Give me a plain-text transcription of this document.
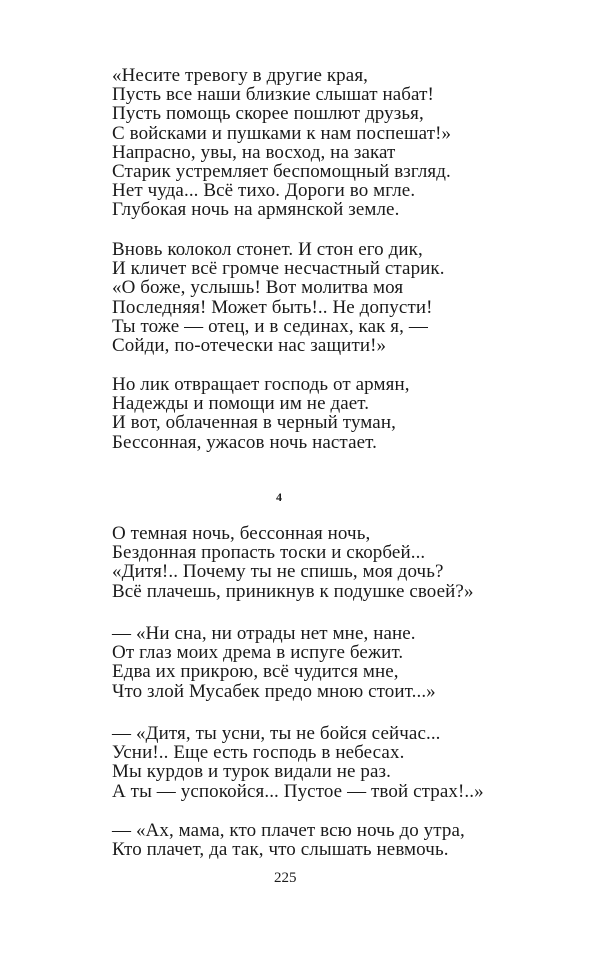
«Несите тревогу в другие края,
Пусть все наши близкие слышат набат!
Пусть помощь скорее пошлют друзья,
С войсками и пушками к нам поспешат!»
Напрасно, увы, на восход, на закат
Старик устремляет беспомощный взгляд.
Нет чуда... Всё тихо. Дороги во мгле.
Глубокая ночь на армянской земле.
Вновь колокол стонет. И стон его дик,
И кличет всё громче несчастный старик.
«О боже, услышь! Вот молитва моя
Последняя! Может быть!.. Не допусти!
Ты тоже — отец, и в сединах, как я, —
Сойди, по-отечески нас защити!»
Но лик отвращает господь от армян,
Надежды и помощи им не дает.
И вот, облаченная в черный туман,
Бессонная, ужасов ночь настает.
4
О темная ночь, бессонная ночь,
Бездонная пропасть тоски и скорбей...
«Дитя!.. Почему ты не спишь, моя дочь?
Всё плачешь, приникнув к подушке своей?»
— «Ни сна, ни отрады нет мне, нане.
От глаз моих дрема в испуге бежит.
Едва их прикрою, всё чудится мне,
Что злой Мусабек предо мною стоит...»
— «Дитя, ты усни, ты не бойся сейчас...
Усни!.. Еще есть господь в небесах.
Мы курдов и турок видали не раз.
А ты — успокойся... Пустое — твой страх!..»
— «Ах, мама, кто плачет всю ночь до утра,
Кто плачет, да так, что слышать невмочь.
225
